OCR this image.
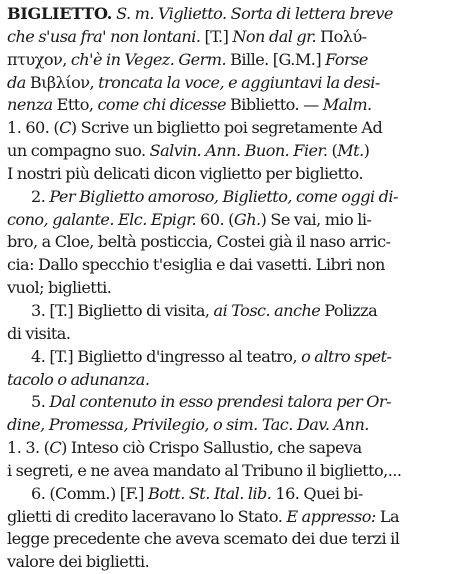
BIGLIETTO. S. m. Viglietto. Sorta di lettera breve
che s'usa fra' non lontani. [T.] Non dal gr. Πολύ-
πτυχον, ch'è in Vegez. Germ. Bille. [G.M.] Forse
da Βιβλίον, troncata la voce, e aggiuntavi la desi-
nenza Etto, come chi dicesse Biblietto. — Malm.
1. 60. (C) Scrive un biglietto poi segretamente Ad
un compagno suo. Salvin. Ann. Buon. Fier. (Mt.)
I nostri più delicati dicon viglietto per biglietto.
2. Per Biglietto amoroso, Biglietto, come oggi di-
cono, galante. Elc. Epigr. 60. (Gh.) Se vai, mio li-
bro, a Cloe, beltà posticcia, Costei già il naso arric-
cia: Dallo specchio t'esiglia e dai vasetti. Libri non
vuol; biglietti.
3. [T.] Biglietto di visita, ai Tosc. anche Polizza
di visita.
4. [T.] Biglietto d'ingresso al teatro, o altro spet-
tacolo o adunanza.
5. Dal contenuto in esso prendesi talora per Or-
dine, Promessa, Privilegio, o sim. Tac. Dav. Ann.
1. 3. (C) Inteso ciò Crispo Sallustio, che sapeva
i segreti, e ne avea mandato al Tribuno il biglietto,...
6. (Comm.) [F.] Bott. St. Ital. lib. 16. Quei bi-
glietti di credito laceravano lo Stato. E appresso: La
legge precedente che aveva scemato dei due terzi il
valore dei biglietti.
